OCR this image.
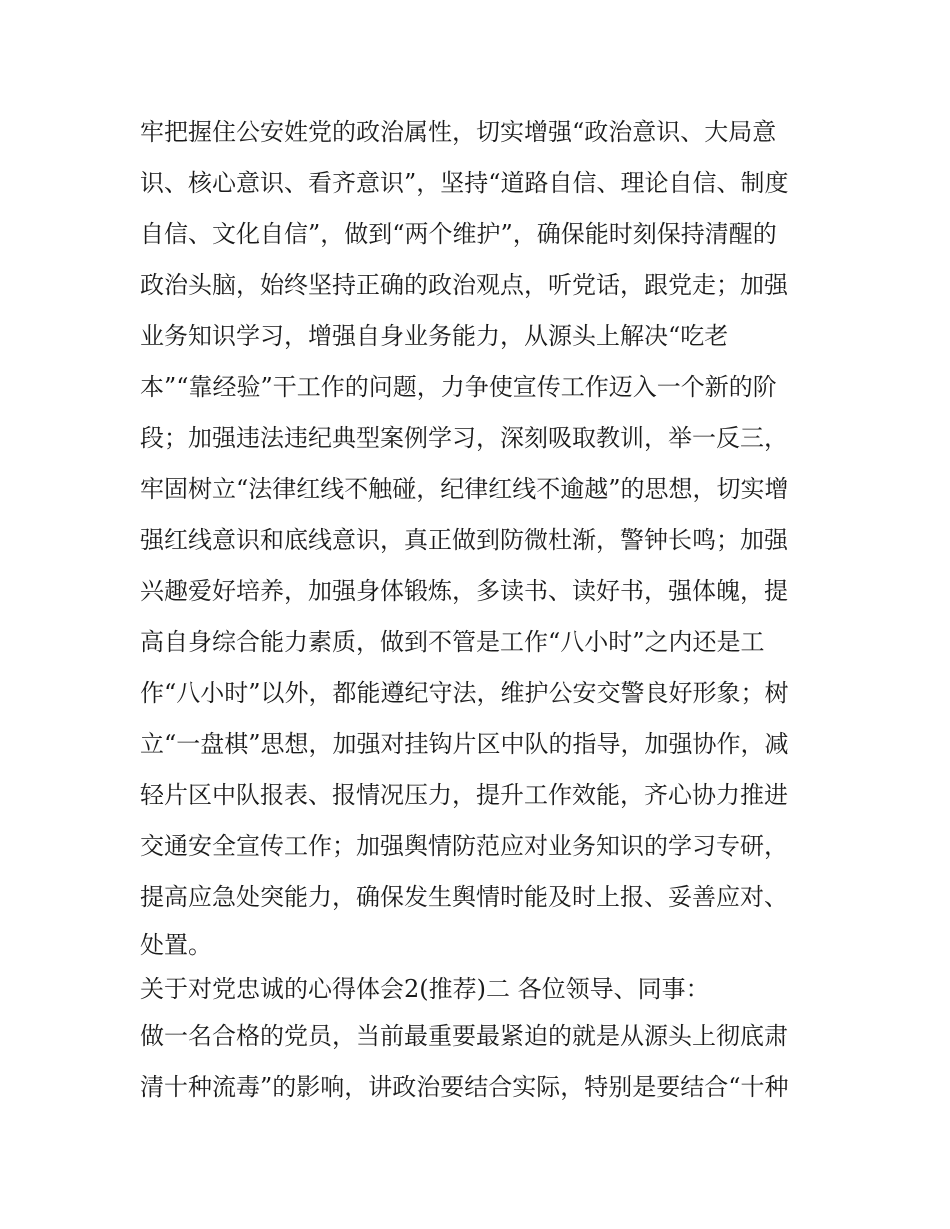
牢把握住公安姓党的政治属性，切实增强“政治意识、大局意
识、核心意识、看齐意识”，坚持“道路自信、理论自信、制度
自信、文化自信”，做到“两个维护”，确保能时刻保持清醒的
政治头脑，始终坚持正确的政治观点，听党话，跟党走；加强
业务知识学习，增强自身业务能力，从源头上解决“吃老
本”“靠经验”干工作的问题，力争使宣传工作迈入一个新的阶
段；加强违法违纪典型案例学习，深刻吸取教训，举一反三，
牢固树立“法律红线不触碰，纪律红线不逾越”的思想，切实增
强红线意识和底线意识，真正做到防微杜渐，警钟长鸣；加强
兴趣爱好培养，加强身体锻炼，多读书、读好书，强体魄，提
高自身综合能力素质，做到不管是工作“八小时”之内还是工
作“八小时”以外，都能遵纪守法，维护公安交警良好形象；树
立“一盘棋”思想，加强对挂钩片区中队的指导，加强协作，减
轻片区中队报表、报情况压力，提升工作效能，齐心协力推进
交通安全宣传工作；加强舆情防范应对业务知识的学习专研，
提高应急处突能力，确保发生舆情时能及时上报、妥善应对、
处置。
关于对党忠诚的心得体会2(推荐)二 各位领导、同事：
做一名合格的党员，当前最重要最紧迫的就是从源头上彻底肃
清十种流毒”的影响，讲政治要结合实际，特别是要结合“十种
